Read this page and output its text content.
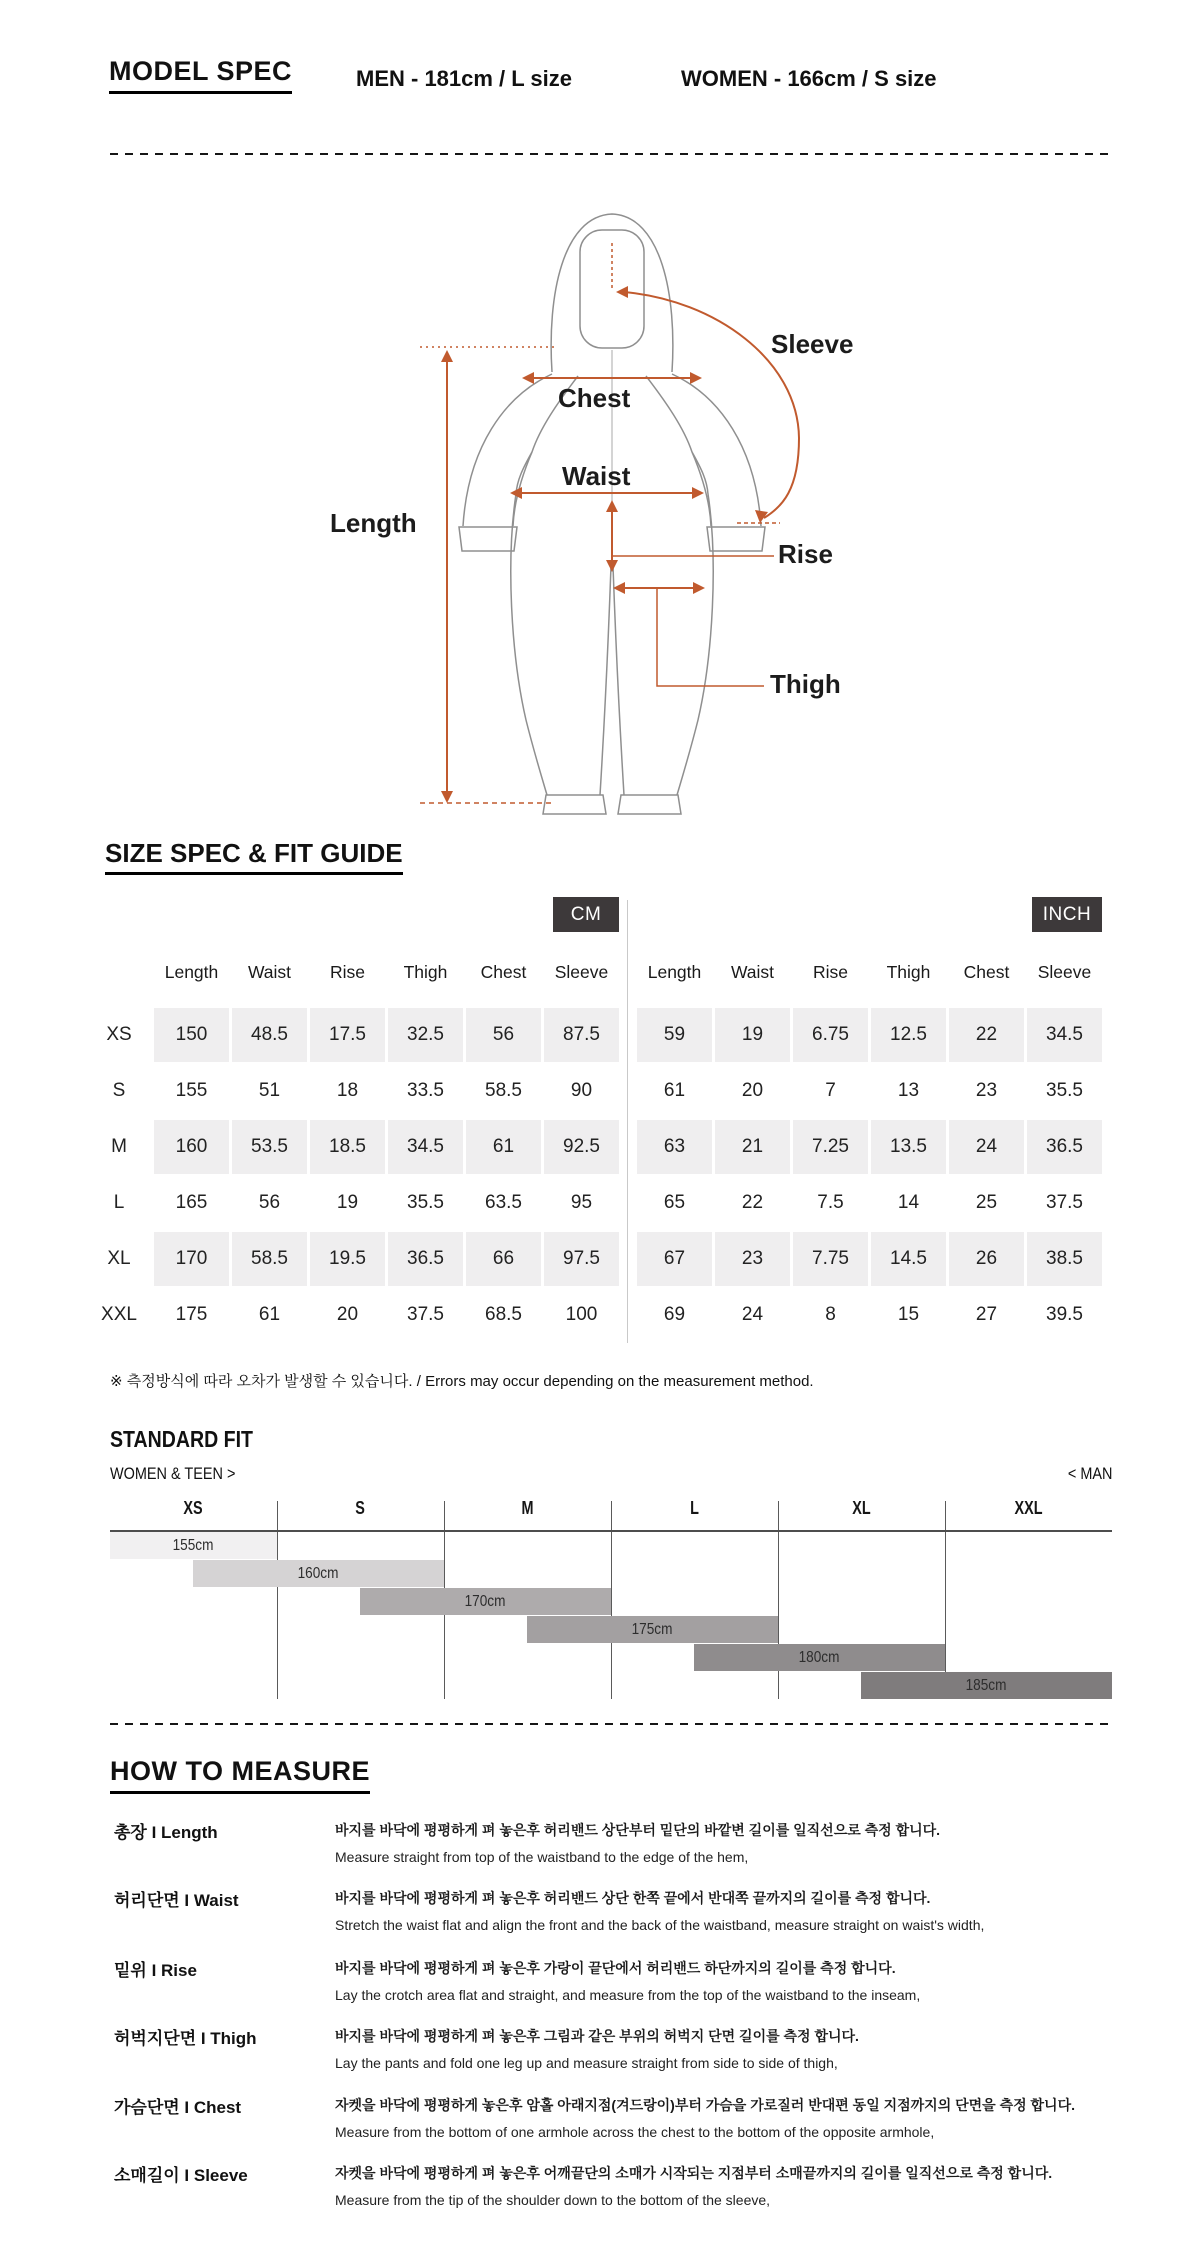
MODEL SPEC	MEN - 181cm / L size	WOMEN - 166cm / S size
Length
Chest
Waist
Sleeve
Rise
Thigh
SIZE SPEC & FIT GUIDE
CM	INCH
Length	Waist	Rise	Thigh	Chest	Sleeve
XS	150	48.5	17.5	32.5	56	87.5
S	155	51	18	33.5	58.5	90
M	160	53.5	18.5	34.5	61	92.5
L	165	56	19	35.5	63.5	95
XL	170	58.5	19.5	36.5	66	97.5
XXL	175	61	20	37.5	68.5	100
Length	Waist	Rise	Thigh	Chest	Sleeve
59	19	6.75	12.5	22	34.5
61	20	7	13	23	35.5
63	21	7.25	13.5	24	36.5
65	22	7.5	14	25	37.5
67	23	7.75	14.5	26	38.5
69	24	8	15	27	39.5
※ 측정방식에 따라 오차가 발생할 수 있습니다. / Errors may occur depending on the measurement method.
STANDARD FIT
WOMEN & TEEN >	< MAN
XS	S	M	L	XL	XXL
155cm
160cm
170cm
175cm
180cm
185cm
HOW TO MEASURE
총장 I Length	바지를 바닥에 평평하게 펴 놓은후 허리밴드 상단부터 밑단의 바깥변 길이를 일직선으로 측정 합니다.
Measure straight from top of the waistband to the edge of the hem,
허리단면 I Waist	바지를 바닥에 평평하게 펴 놓은후 허리밴드 상단 한쪽 끝에서 반대쪽 끝까지의 길이를 측정 합니다.
Stretch the waist flat and align the front and the back of the waistband, measure straight on waist's width,
밑위 I Rise	바지를 바닥에 평평하게 펴 놓은후 가랑이 끝단에서 허리밴드 하단까지의 길이를 측정 합니다.
Lay the crotch area flat and straight, and measure from the top of the waistband to the inseam,
허벅지단면 I Thigh	바지를 바닥에 평평하게 펴 놓은후 그림과 같은 부위의 허벅지 단면 길이를 측정 합니다.
Lay the pants and fold one leg up and measure straight from side to side of thigh,
가슴단면 I Chest	자켓을 바닥에 평평하게 놓은후 암홀 아래지점(겨드랑이)부터 가슴을 가로질러 반대편 동일 지점까지의 단면을 측정 합니다.
Measure from the bottom of one armhole across the chest to the bottom of the opposite armhole,
소매길이 I Sleeve	자켓을 바닥에 평평하게 펴 놓은후 어깨끝단의 소매가 시작되는 지점부터 소매끝까지의 길이를 일직선으로 측정 합니다.
Measure from the tip of the shoulder down to the bottom of the sleeve,
